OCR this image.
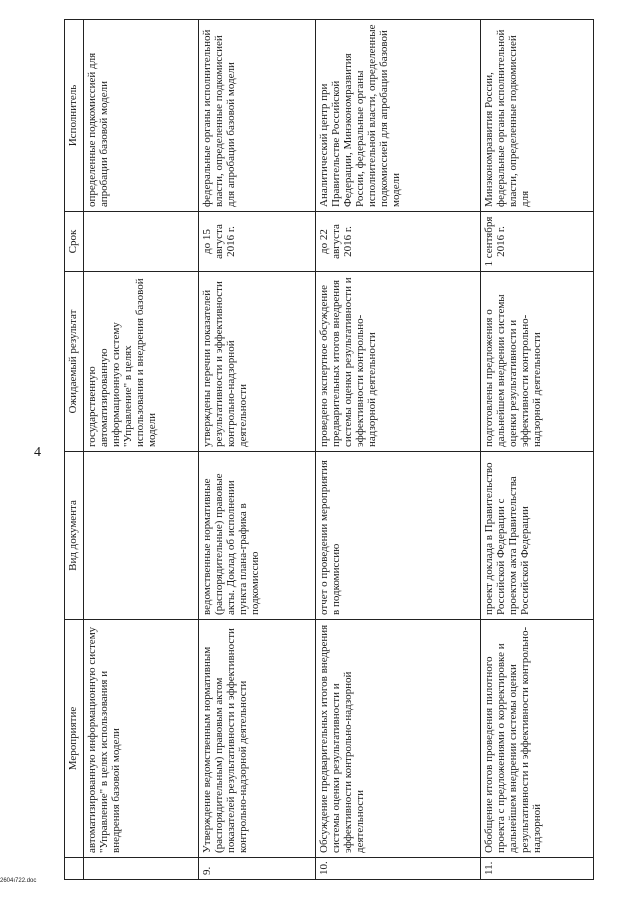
4
2604ı722.doc
	Мероприятие	Вид документа	Ожидаемый результат	Срок	Исполнитель
	автоматизированную информационную систему "Управление" в целях использования и внедрения базовой модели		государственную автоматизированную информационную систему "Управление" в целях использования и внедрения базовой модели		определенные подкомиссией для апробации базовой модели
9.	Утверждение ведомственным нормативным (распорядительным) правовым актом показателей результативности и эффективности контрольно-надзорной деятельности	ведомственные нормативные (распорядительные) правовые акты. Доклад об исполнении пункта плана-графика в подкомиссию	утверждены перечни показателей результативности и эффективности контрольно-надзорной деятельности	до 15 августа 2016 г.	федеральные органы исполнительной власти, определенные подкомиссией для апробации базовой модели
10.	Обсуждение предварительных итогов внедрения системы оценки результативности и эффективности контрольно-надзорной деятельности	отчет о проведении мероприятия в подкомиссию	проведено экспертное обсуждение предварительных итогов внедрения системы оценки результативности и эффективности контрольно-надзорной деятельности	до 22 августа 2016 г.	Аналитический центр при Правительстве Российской Федерации, Минэкономразвития России, федеральные органы исполнительной власти, определенные подкомиссией для апробации базовой модели
11.	Обобщение итогов проведения пилотного проекта с предложениями о корректировке и дальнейшем внедрении системы оценки результативности и эффективности контрольно-надзорной	проект доклада в Правительство Российской Федерации с проектом акта Правительства Российской Федерации	подготовлены предложения о дальнейшем внедрении системы оценки результативности и эффективности контрольно-надзорной деятельности	1 сентября 2016 г.	Минэкономразвития России, федеральные органы исполнительной власти, определенные подкомиссией для
